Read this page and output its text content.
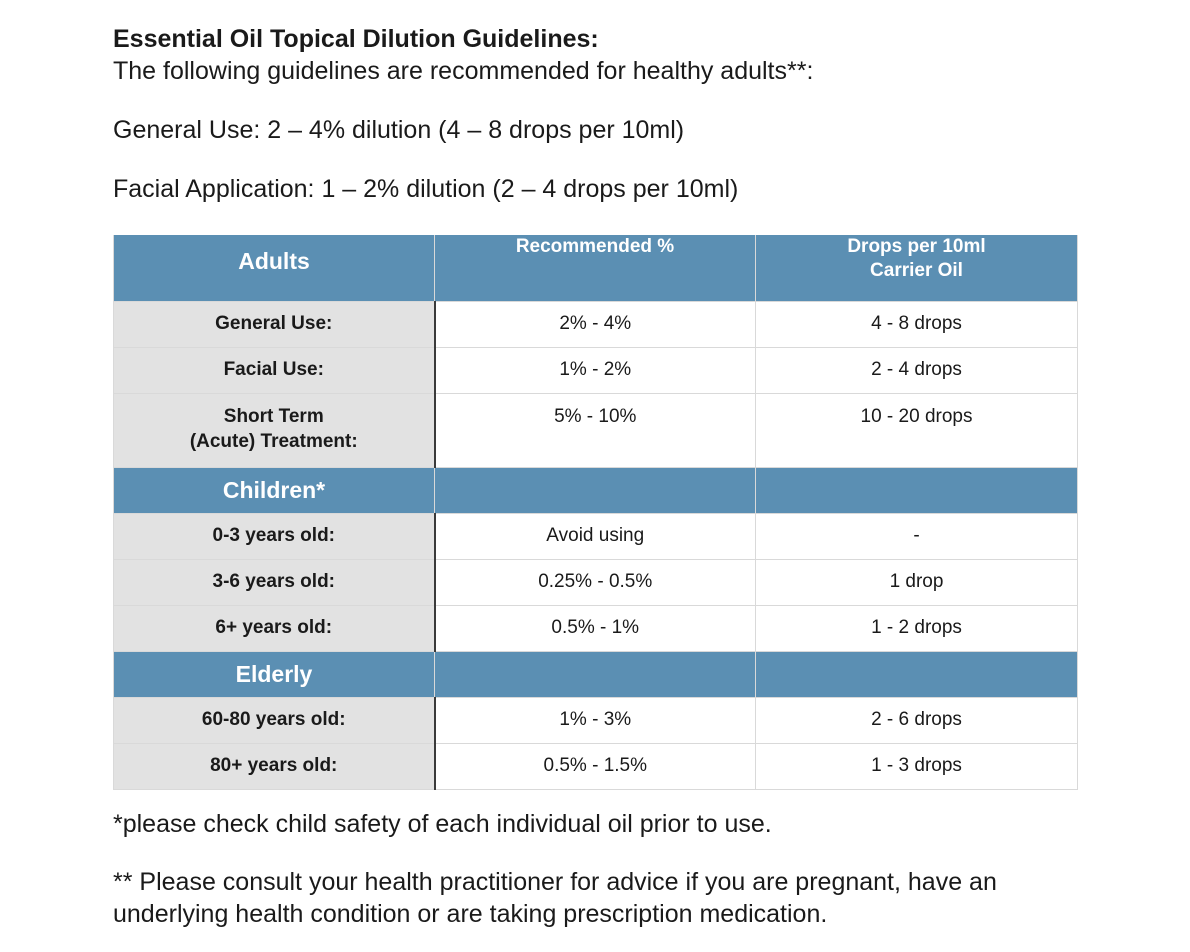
Essential Oil Topical Dilution Guidelines:
The following guidelines are recommended for healthy adults**:
General Use: 2 – 4% dilution (4 – 8 drops per 10ml)
Facial Application: 1 – 2% dilution (2 – 4 drops per 10ml)
Adults	Recommended %	Drops per 10ml
Carrier Oil
General Use:	2% - 4%	4 - 8 drops
Facial Use:	1% - 2%	2 - 4 drops
Short Term
(Acute) Treatment:	5% - 10%	10 - 20 drops
Children*		
0-3 years old:	Avoid using	-
3-6 years old:	0.25% - 0.5%	1 drop
6+ years old:	0.5% - 1%	1 - 2 drops
Elderly		
60-80 years old:	1% - 3%	2 - 6 drops
80+ years old:	0.5% - 1.5%	1 - 3 drops
*please check child safety of each individual oil prior to use.
** Please consult your health practitioner for advice if you are pregnant, have an
underlying health condition or are taking prescription medication.
